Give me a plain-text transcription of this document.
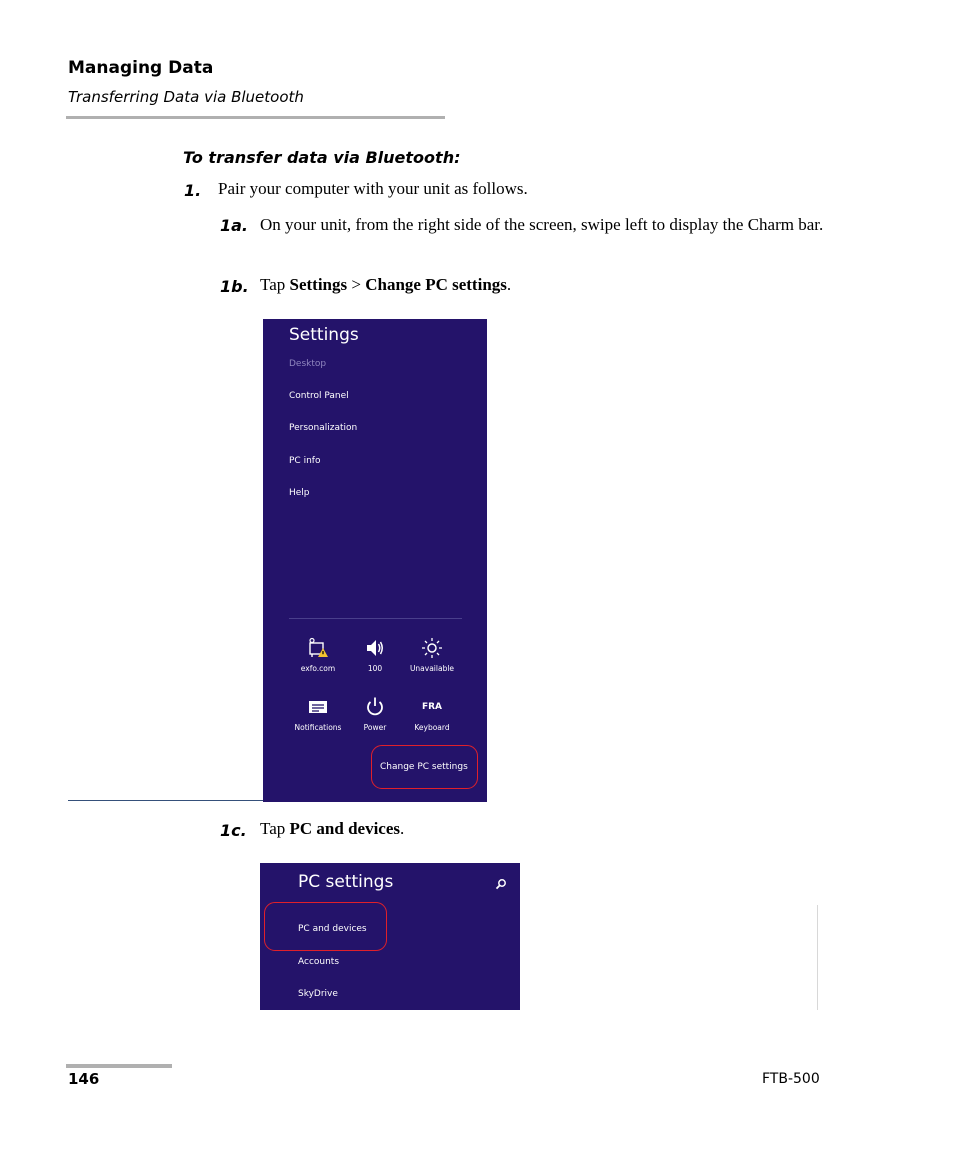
Managing Data
Transferring Data via Bluetooth
To transfer data via Bluetooth:
1. Pair your computer with your unit as follows.
1a. On your unit, from the right side of the screen, swipe left to display the Charm bar.
1b. Tap Settings > Change PC settings.
Settings
Desktop
Control Panel
Personalization
PC info
Help
exfo.com	100	Unavailable
Notifications	Power
FRA
Keyboard
Change PC settings
1c. Tap PC and devices.
PC settings
PC and devices
Accounts
SkyDrive
146	FTB-500
